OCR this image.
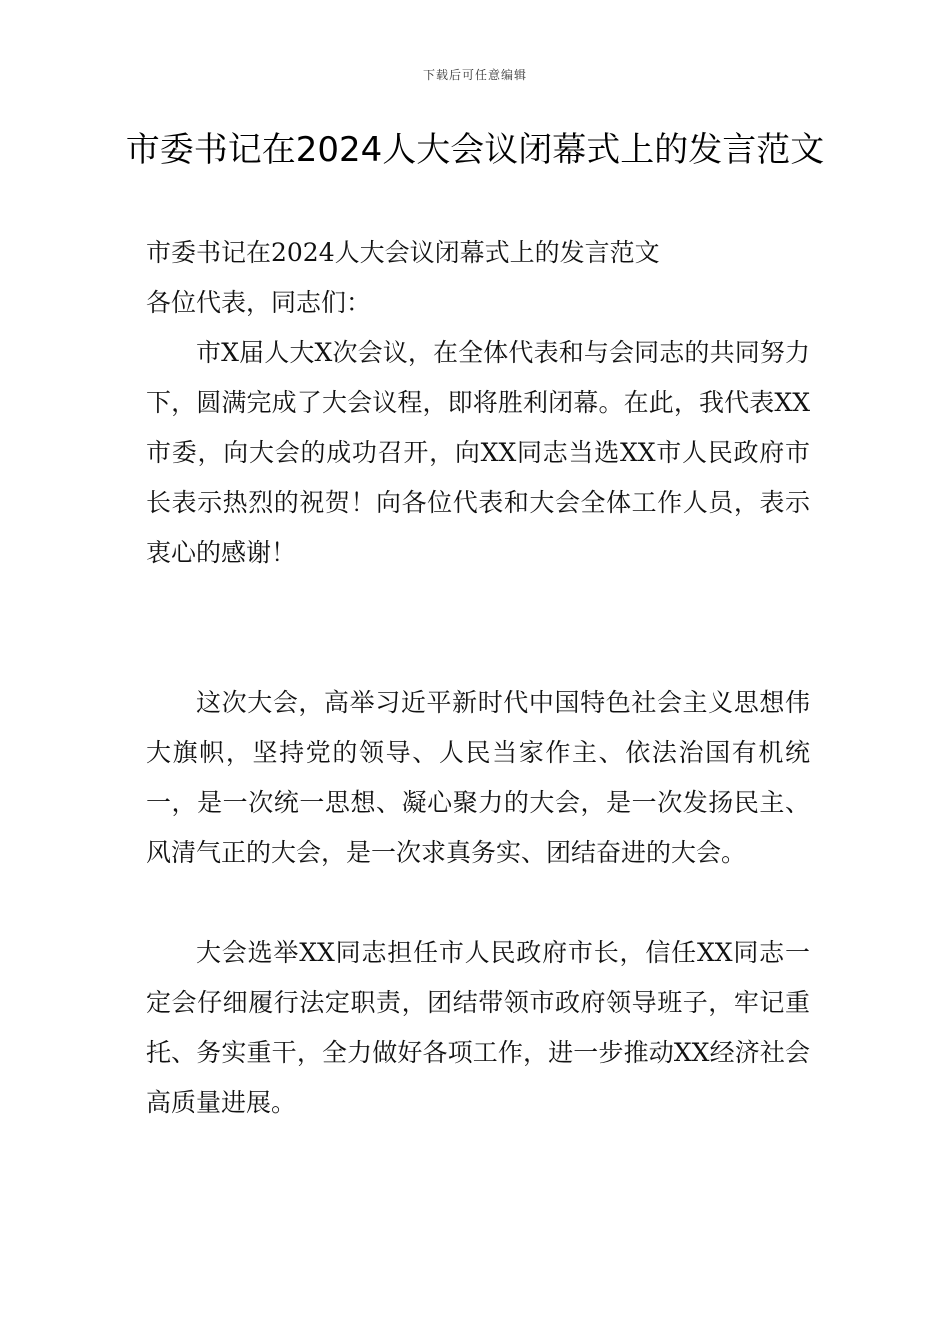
下载后可任意编辑
市委书记在2024人大会议闭幕式上的发言范文

市委书记在2024人大会议闭幕式上的发言范文

各位代表，同志们：

市X届人大X次会议，在全体代表和与会同志的共同努力下，圆满完成了大会议程，即将胜利闭幕。在此，我代表XX市委，向大会的成功召开，向XX同志当选XX市人民政府市长表示热烈的祝贺！向各位代表和大会全体工作人员，表示衷心的感谢！

这次大会，高举习近平新时代中国特色社会主义思想伟大旗帜，坚持党的领导、人民当家作主、依法治国有机统一，是一次统一思想、凝心聚力的大会，是一次发扬民主、风清气正的大会，是一次求真务实、团结奋进的大会。

大会选举XX同志担任市人民政府市长，信任XX同志一定会仔细履行法定职责，团结带领市政府领导班子，牢记重托、务实重干，全力做好各项工作，进一步推动XX经济社会高质量进展。
